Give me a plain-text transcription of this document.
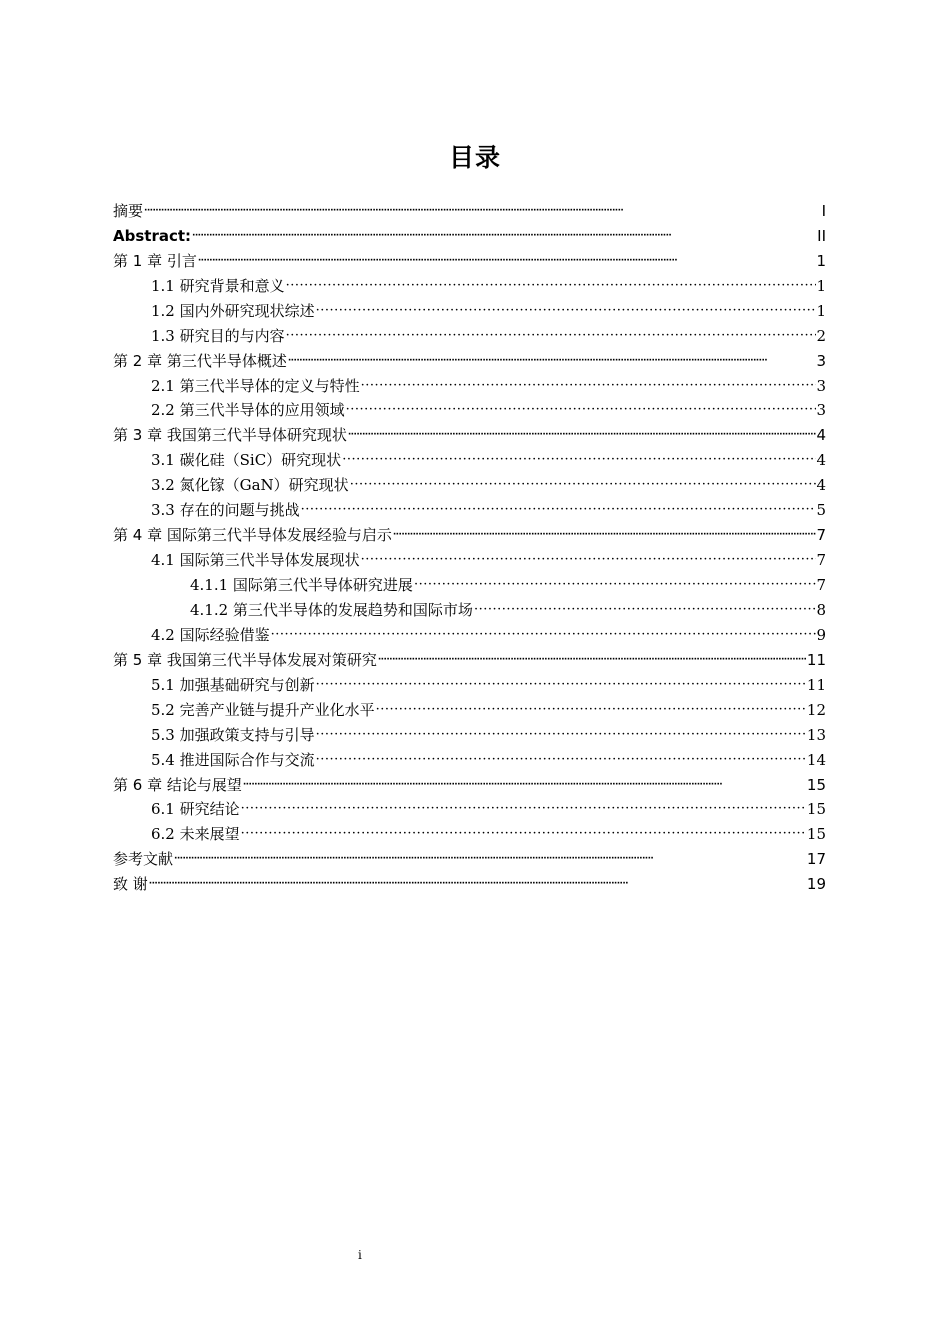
目录
摘要 ·····	I
Abstract: ·····	II
第 1 章 引言 ·····	1
1.1 研究背景和意义 ·····	1
1.2 国内外研究现状综述 ·····	1
1.3 研究目的与内容 ·····	2
第 2 章 第三代半导体概述 ·····	3
2.1 第三代半导体的定义与特性 ·····	3
2.2 第三代半导体的应用领域 ·····	3
第 3 章 我国第三代半导体研究现状 ·····	4
3.1 碳化硅（SiC）研究现状 ·····	4
3.2 氮化镓（GaN）研究现状 ·····	4
3.3 存在的问题与挑战 ·····	5
第 4 章 国际第三代半导体发展经验与启示 ·····	7
4.1 国际第三代半导体发展现状 ·····	7
4.1.1 国际第三代半导体研究进展 ·····	7
4.1.2 第三代半导体的发展趋势和国际市场 ·····	8
4.2 国际经验借鉴 ·····	9
第 5 章 我国第三代半导体发展对策研究 ·····	11
5.1 加强基础研究与创新 ·····	11
5.2 完善产业链与提升产业化水平 ·····	12
5.3 加强政策支持与引导 ·····	13
5.4 推进国际合作与交流 ·····	14
第 6 章 结论与展望 ·····	15
6.1 研究结论 ·····	15
6.2 未来展望 ·····	15
参考文献 ·····	17
致 谢 ·····	19
i
